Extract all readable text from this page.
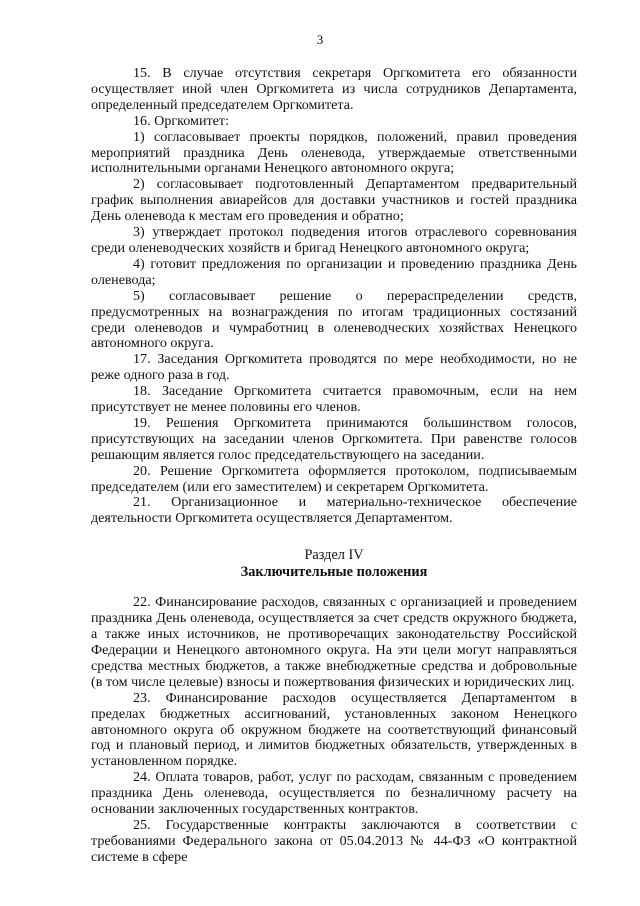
3

15. В случае отсутствия секретаря Оргкомитета его обязанности осуществляет иной член Оргкомитета из числа сотрудников Департамента, определенный председателем Оргкомитета.

16. Оргкомитет:

1) согласовывает проекты порядков, положений, правил проведения мероприятий праздника День оленевода, утверждаемые ответственными исполнительными органами Ненецкого автономного округа;

2) согласовывает подготовленный Департаментом предварительный график выполнения авиарейсов для доставки участников и гостей праздника День оленевода к местам его проведения и обратно;

3) утверждает протокол подведения итогов отраслевого соревнования среди оленеводческих хозяйств и бригад Ненецкого автономного округа;

4) готовит предложения по организации и проведению праздника День оленевода;

5) согласовывает решение о перераспределении средств, предусмотренных на вознаграждения по итогам традиционных состязаний среди оленеводов и чумработниц в оленеводческих хозяйствах Ненецкого автономного округа.

17. Заседания Оргкомитета проводятся по мере необходимости, но не реже одного раза в год.

18. Заседание Оргкомитета считается правомочным, если на нем присутствует не менее половины его членов.

19. Решения Оргкомитета принимаются большинством голосов, присутствующих на заседании членов Оргкомитета. При равенстве голосов решающим является голос председательствующего на заседании.

20. Решение Оргкомитета оформляется протоколом, подписываемым председателем (или его заместителем) и секретарем Оргкомитета.

21. Организационное и материально-техническое обеспечение деятельности Оргкомитета осуществляется Департаментом.

Раздел IV

Заключительные положения

22. Финансирование расходов, связанных с организацией и проведением праздника День оленевода, осуществляется за счет средств окружного бюджета, а также иных источников, не противоречащих законодательству Российской Федерации и Ненецкого автономного округа. На эти цели могут направляться средства местных бюджетов, а также внебюджетные средства и добровольные (в том числе целевые) взносы и пожертвования физических и юридических лиц.

23. Финансирование расходов осуществляется Департаментом в пределах бюджетных ассигнований, установленных законом Ненецкого автономного округа об окружном бюджете на соответствующий финансовый год и плановый период, и лимитов бюджетных обязательств, утвержденных в установленном порядке.

24. Оплата товаров, работ, услуг по расходам, связанным с проведением праздника День оленевода, осуществляется по безналичному расчету на основании заключенных государственных контрактов.

25. Государственные контракты заключаются в соответствии с требованиями Федерального закона от 05.04.2013 № 44-ФЗ «О контрактной системе в сфере
